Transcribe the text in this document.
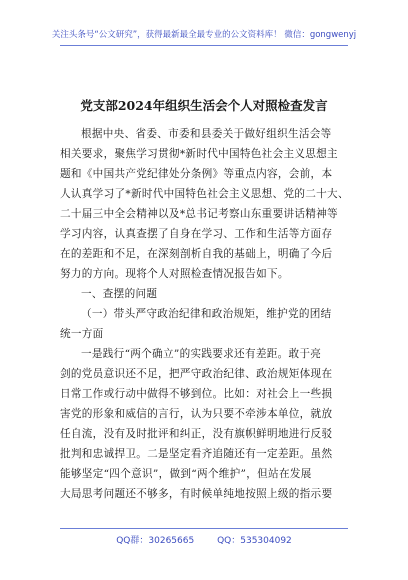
关注头条号“公文研究”，获得最新最全最专业的公文资料库！ 微信：gongwenyj
党支部2024年组织生活会个人对照检查发言
根据中央、省委、市委和县委关于做好组织生活会等
相关要求，聚焦学习贯彻*新时代中国特色社会主义思想主
题和《中国共产党纪律处分条例》等重点内容，会前，本
人认真学习了*新时代中国特色社会主义思想、党的二十大、
二十届三中全会精神以及*总书记考察山东重要讲话精神等
学习内容，认真查摆了自身在学习、工作和生活等方面存
在的差距和不足，在深刻剖析自我的基础上，明确了今后
努力的方向。现将个人对照检查情况报告如下。
一、查摆的问题
（一）带头严守政治纪律和政治规矩，维护党的团结
统一方面
一是践行“两个确立”的实践要求还有差距。敢于亮
剑的党员意识还不足，把严守政治纪律、政治规矩体现在
日常工作或行动中做得不够到位。比如：对社会上一些损
害党的形象和威信的言行，认为只要不牵涉本单位，就放
任自流，没有及时批评和纠正，没有旗帜鲜明地进行反驳
批判和忠诚捍卫。二是坚定看齐追随还有一定差距。虽然
能够坚定“四个意识”，做到“两个维护”，但站在发展
大局思考问题还不够多，有时候单纯地按照上级的指示要
QQ群：30265665	QQ：535304092
